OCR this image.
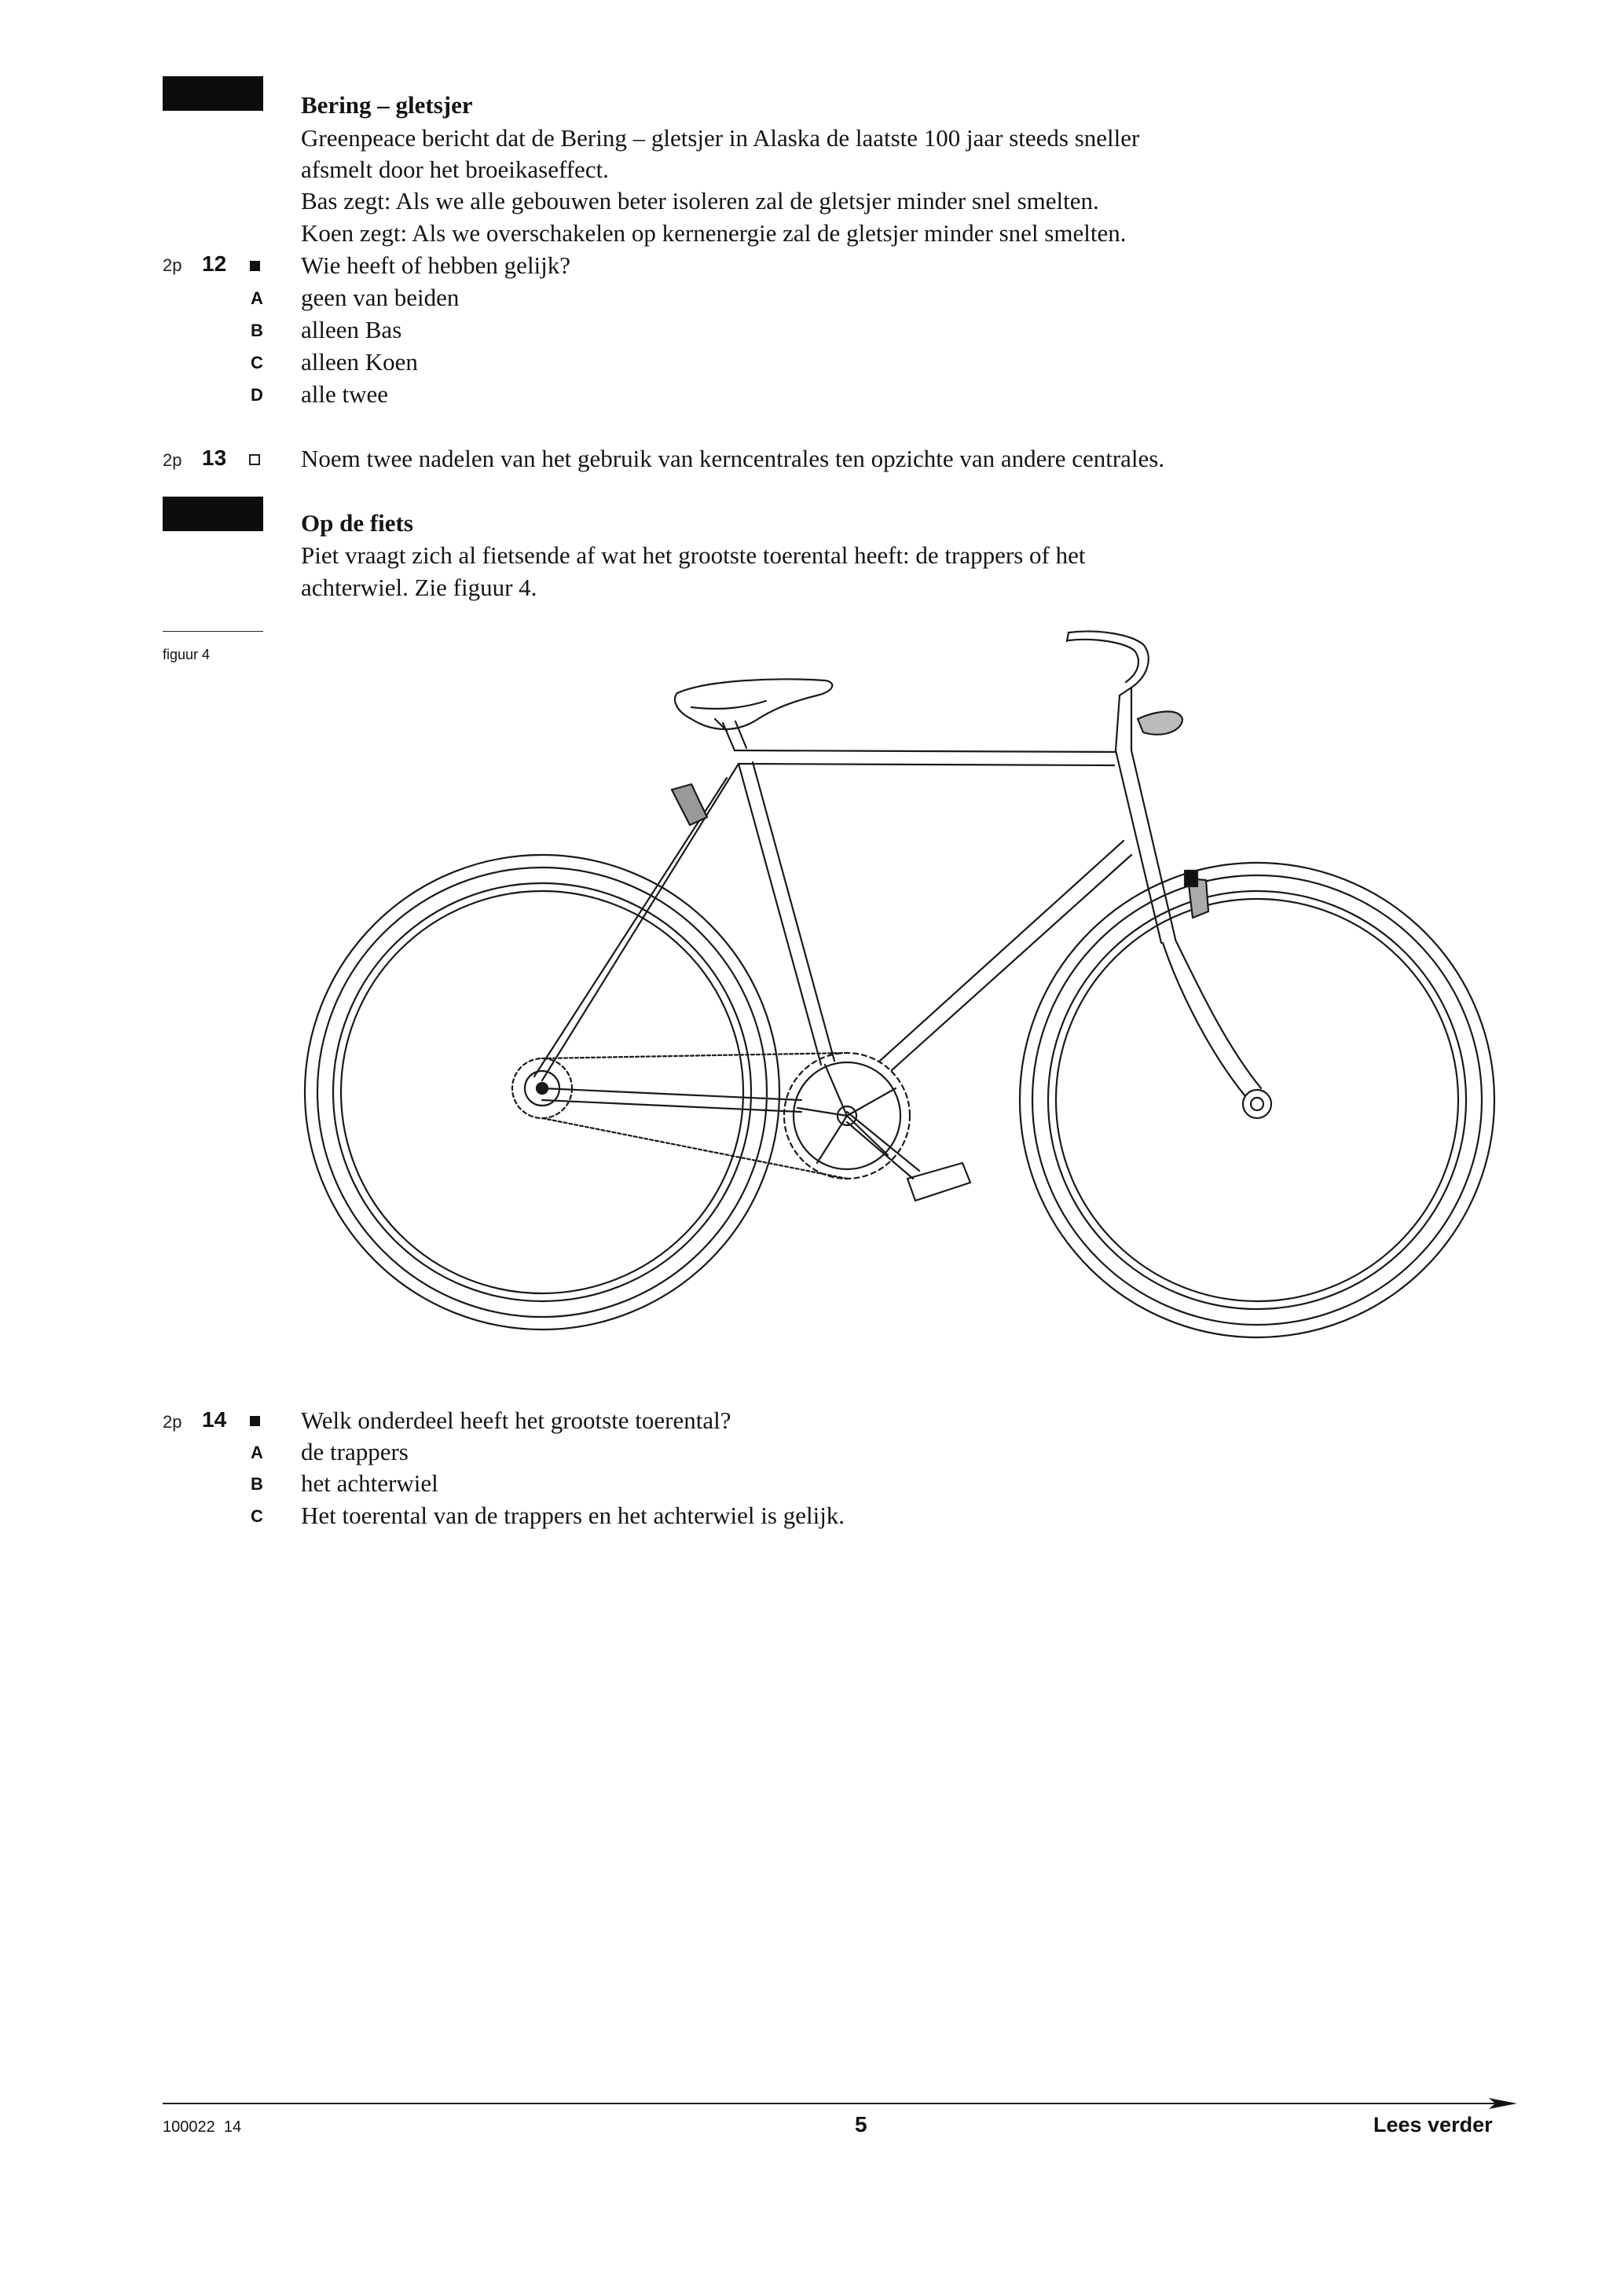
Bering – gletsjer
Greenpeace bericht dat de Bering – gletsjer in Alaska de laatste 100 jaar steeds sneller
afsmelt door het broeikaseffect.
Bas zegt: Als we alle gebouwen beter isoleren zal de gletsjer minder snel smelten.
Koen zegt: Als we overschakelen op kernenergie zal de gletsjer minder snel smelten.
2p 12	Wie heeft of hebben gelijk?
A	geen van beiden
B	alleen Bas
C	alleen Koen
D	alle twee
2p 13	Noem twee nadelen van het gebruik van kerncentrales ten opzichte van andere centrales.
Op de fiets
Piet vraagt zich al fietsende af wat het grootste toerental heeft: de trappers of het
achterwiel. Zie figuur 4.
figuur 4
2p 14	Welk onderdeel heeft het grootste toerental?
A	de trappers
B	het achterwiel
C	Het toerental van de trappers en het achterwiel is gelijk.
100022  14	5	Lees verder
